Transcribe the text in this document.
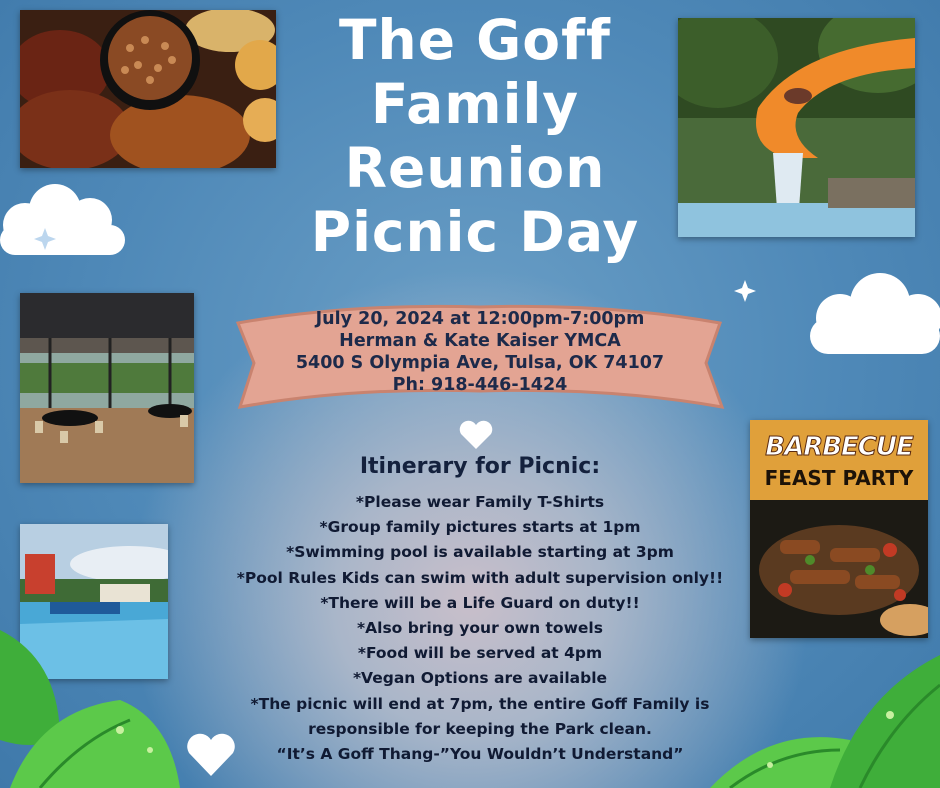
BARBECUE
FEAST PARTY
The Goff
Family
Reunion
Picnic Day
July 20, 2024 at 12:00pm-7:00pm
Herman & Kate Kaiser YMCA
5400 S Olympia Ave, Tulsa, OK 74107
Ph: 918-446-1424
Itinerary for Picnic:
*Please wear Family T-Shirts
*Group family pictures starts at 1pm
*Swimming pool is available starting at 3pm
*Pool Rules Kids can swim with adult supervision only!!
*There will be a Life Guard on duty!!
*Also bring your own towels
*Food will be served at 4pm
*Vegan Options are available
*The picnic will end at 7pm, the entire Goff Family is
responsible for keeping the Park clean.
“It’s A Goff Thang-”You Wouldn’t Understand”
